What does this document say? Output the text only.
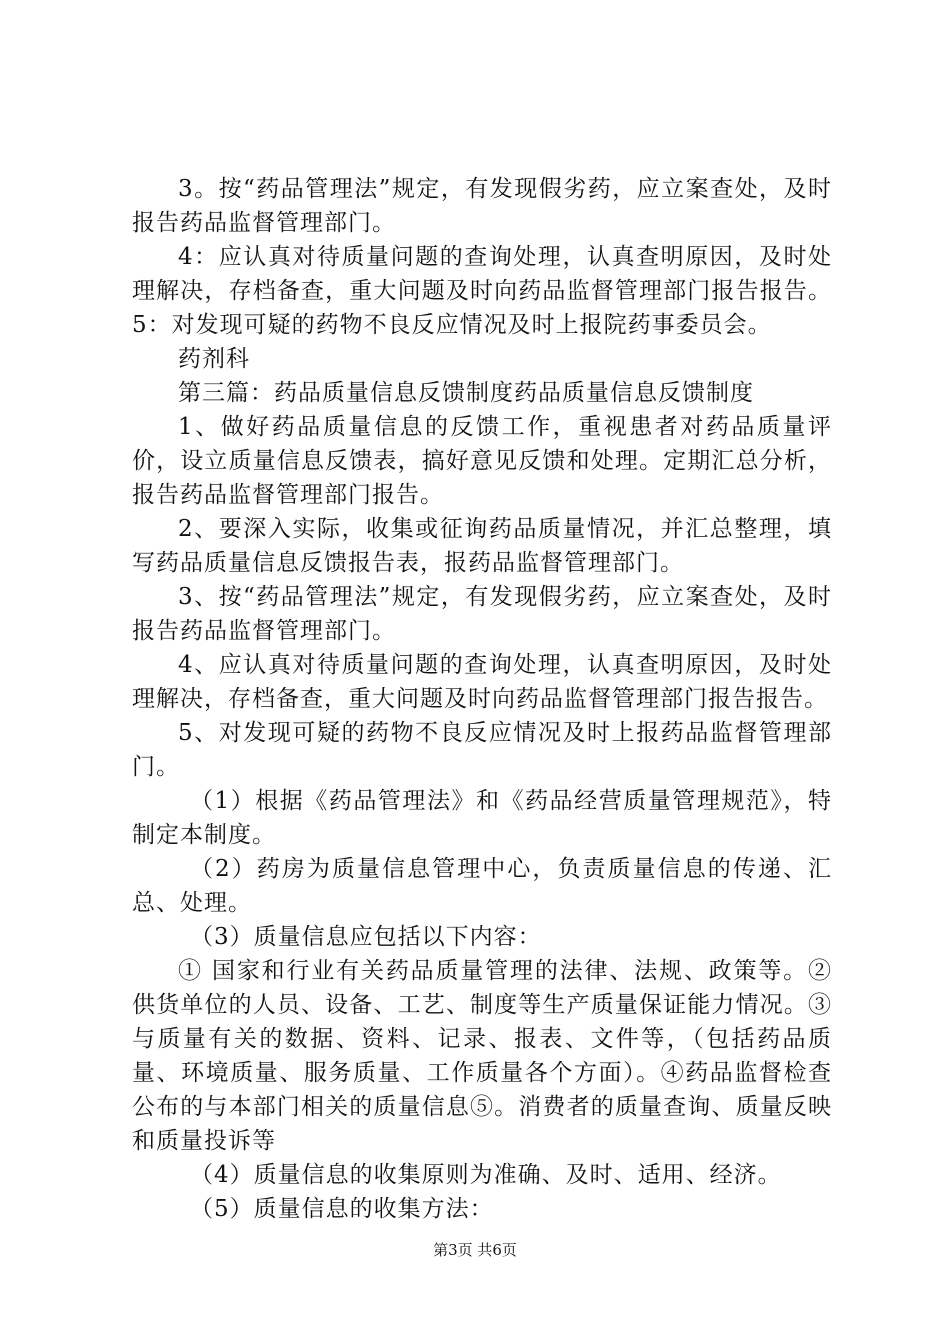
3。按“药品管理法”规定，有发现假劣药，应立案查处，及时报告药品监督管理部门。

4：应认真对待质量问题的查询处理，认真查明原因，及时处理解决，存档备查，重大问题及时向药品监督管理部门报告报告。5：对发现可疑的药物不良反应情况及时上报院药事委员会。

药剂科

第三篇：药品质量信息反馈制度药品质量信息反馈制度

1、做好药品质量信息的反馈工作，重视患者对药品质量评价，设立质量信息反馈表，搞好意见反馈和处理。定期汇总分析，报告药品监督管理部门报告。

2、要深入实际，收集或征询药品质量情况，并汇总整理，填写药品质量信息反馈报告表，报药品监督管理部门。

3、按“药品管理法”规定，有发现假劣药，应立案查处，及时报告药品监督管理部门。

4、应认真对待质量问题的查询处理，认真查明原因，及时处理解决，存档备查，重大问题及时向药品监督管理部门报告报告。

5、对发现可疑的药物不良反应情况及时上报药品监督管理部门。

（1）根据《药品管理法》和《药品经营质量管理规范》，特制定本制度。

（2）药房为质量信息管理中心，负责质量信息的传递、汇总、处理。

（3）质量信息应包括以下内容：

① 国家和行业有关药品质量管理的法律、法规、政策等。②供货单位的人员、设备、工艺、制度等生产质量保证能力情况。③与质量有关的数据、资料、记录、报表、文件等，（包括药品质量、环境质量、服务质量、工作质量各个方面）。④药品监督检查公布的与本部门相关的质量信息⑤。消费者的质量查询、质量反映和质量投诉等

（4）质量信息的收集原则为准确、及时、适用、经济。

（5）质量信息的收集方法：

第3页 共6页
